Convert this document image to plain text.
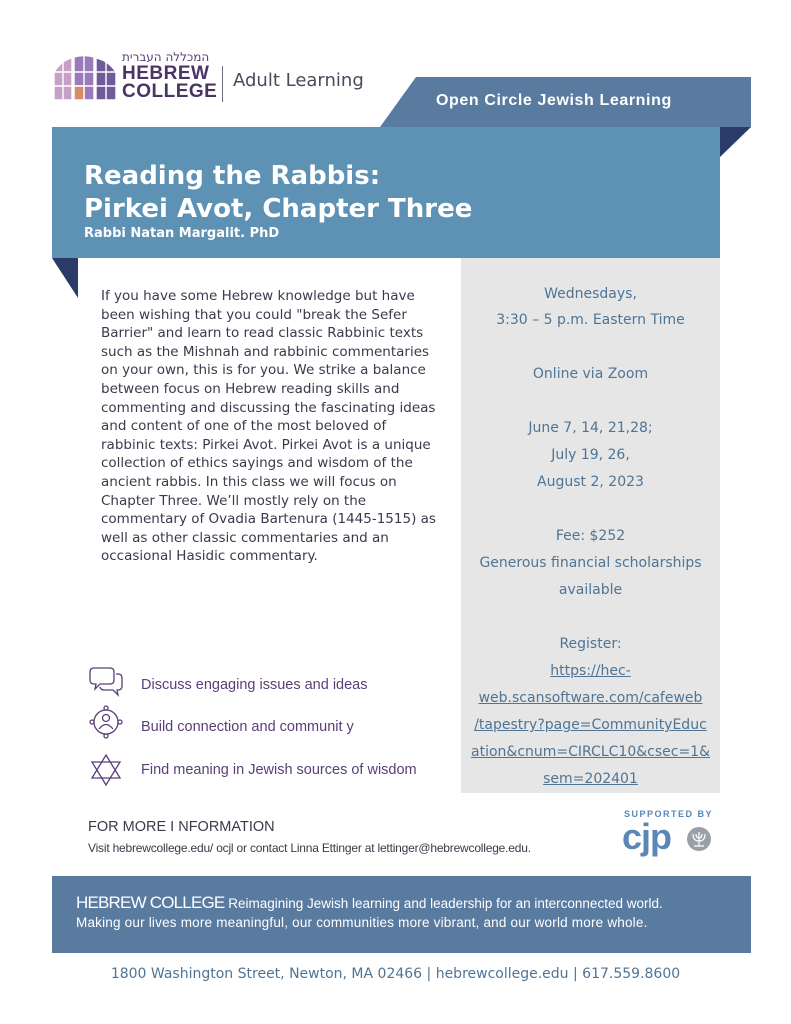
המכללה העברית
HEBREW
COLLEGE
Adult Learning
Open Circle Jewish Learning
Reading the Rabbis:
Pirkei Avot, Chapter Three
Rabbi Natan Margalit. PhD

If you have some Hebrew knowledge but have been wishing that you could "break the Sefer Barrier" and learn to read classic Rabbinic texts such as the Mishnah and rabbinic commentaries on your own, this is for you. We strike a balance between focus on Hebrew reading skills and commenting and discussing the fascinating ideas and content of one of the most beloved of rabbinic texts: Pirkei Avot. Pirkei Avot is a unique collection of ethics sayings and wisdom of the ancient rabbis. In this class we will focus on Chapter Three. We’ll mostly rely on the commentary of Ovadia Bartenura (1445-1515) as well as other classic commentaries and an occasional Hasidic commentary.

Wednesdays,
3:30 – 5 p.m. Eastern Time
Online via Zoom
June 7, 14, 21,28;
July 19, 26,
August 2, 2023
Fee: $252
Generous financial scholarships
available
Register:
https://hec-
web.scansoftware.com/cafeweb
/tapestry?page=CommunityEduc
ation&cnum=CIRCLC10&csec=1&
sem=202401
Discuss engaging issues and ideas
Build connection and communit y
Find meaning in Jewish sources of wisdom
FOR MORE I NFORMATION
Visit hebrewcollege.edu/ ocjl or contact Linna Ettinger at lettinger@hebrewcollege.edu.
SUPPORTED BY
cjp
HEBREW COLLEGE Reimagining Jewish learning and leadership for an interconnected world.
Making our lives more meaningful, our communities more vibrant, and our world more whole.
1800 Washington Street, Newton, MA 02466 | hebrewcollege.edu | 617.559.8600
